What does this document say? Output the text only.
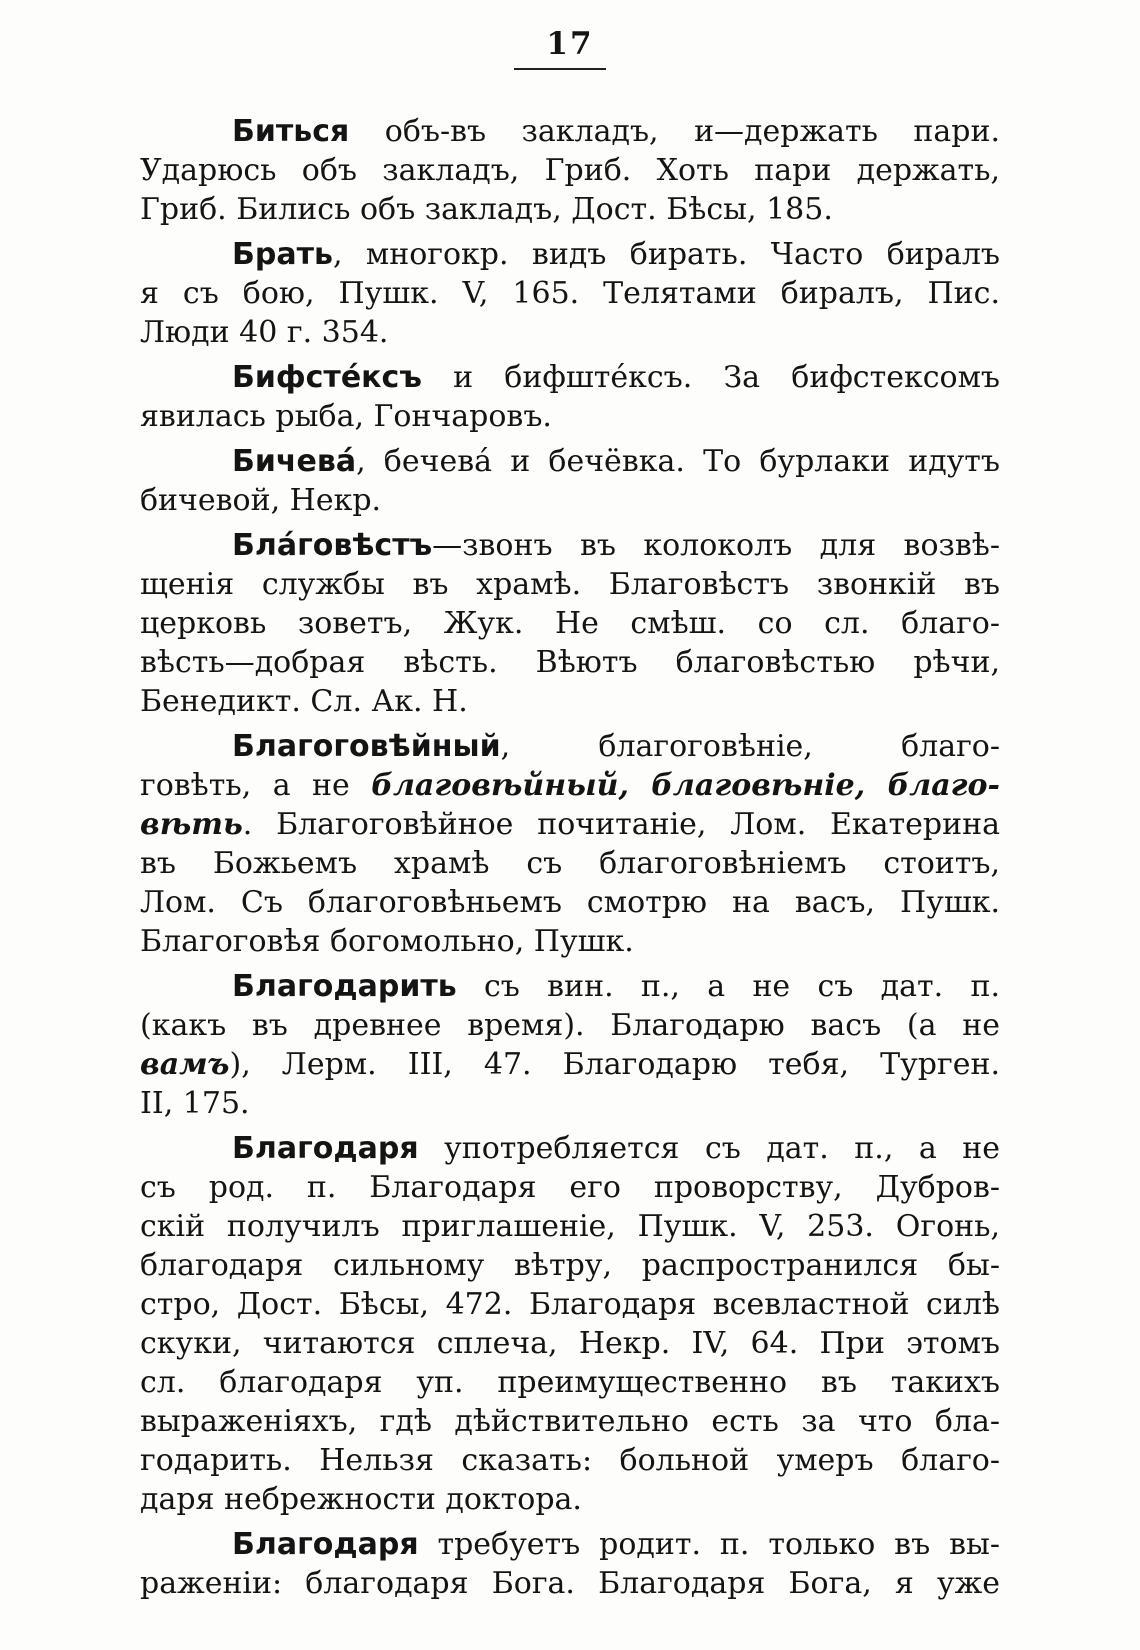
17
Биться объ-въ закладъ, и—держать пари.
Ударюсь объ закладъ, Гриб. Хоть пари держать,
Гриб. Бились объ закладъ, Дост. Бѣсы, 185.
Брать, многокр. видъ бирать. Часто биралъ
я съ бою, Пушк. V, 165. Телятами биралъ, Пис.
Люди 40 г. 354.
Бифстéксъ и бифштéксъ. За бифстексомъ
явилась рыба, Гончаровъ.
Бичевá, бечевá и бечёвка. То бурлаки идутъ
бичевой, Некр.
Блáговѣстъ—звонъ въ колоколъ для возвѣ-
щенія службы въ храмѣ. Благовѣстъ звонкій въ
церковь зоветъ, Жук. Не смѣш. со сл. благо-
вѣсть—добрая вѣсть. Вѣютъ благовѣстью рѣчи,
Бенедикт. Сл. Ак. Н.
Благоговѣйный, благоговѣніе, благо-
говѣть, а не благовѣйный, благовѣніе, благо-
вѣть. Благоговѣйное почитаніе, Лом. Екатерина
въ Божьемъ храмѣ съ благоговѣніемъ стоитъ,
Лом. Съ благоговѣньемъ смотрю на васъ, Пушк.
Благоговѣя богомольно, Пушк.
Благодарить съ вин. п., а не съ дат. п.
(какъ въ древнее время). Благодарю васъ (а не
вамъ), Лерм. III, 47. Благодарю тебя, Турген.
II, 175.
Благодаря употребляется съ дат. п., а не
съ род. п. Благодаря его проворству, Дубров-
скій получилъ приглашеніе, Пушк. V, 253. Огонь,
благодаря сильному вѣтру, распространился бы-
стро, Дост. Бѣсы, 472. Благодаря всевластной силѣ
скуки, читаются сплеча, Некр. IV, 64. При этомъ
сл. благодаря уп. преимущественно въ такихъ
выраженіяхъ, гдѣ дѣйствительно есть за что бла-
годарить. Нельзя сказать: больной умеръ благо-
даря небрежности доктора.
Благодаря требуетъ родит. п. только въ вы-
раженіи: благодаря Бога. Благодаря Бога, я уже
